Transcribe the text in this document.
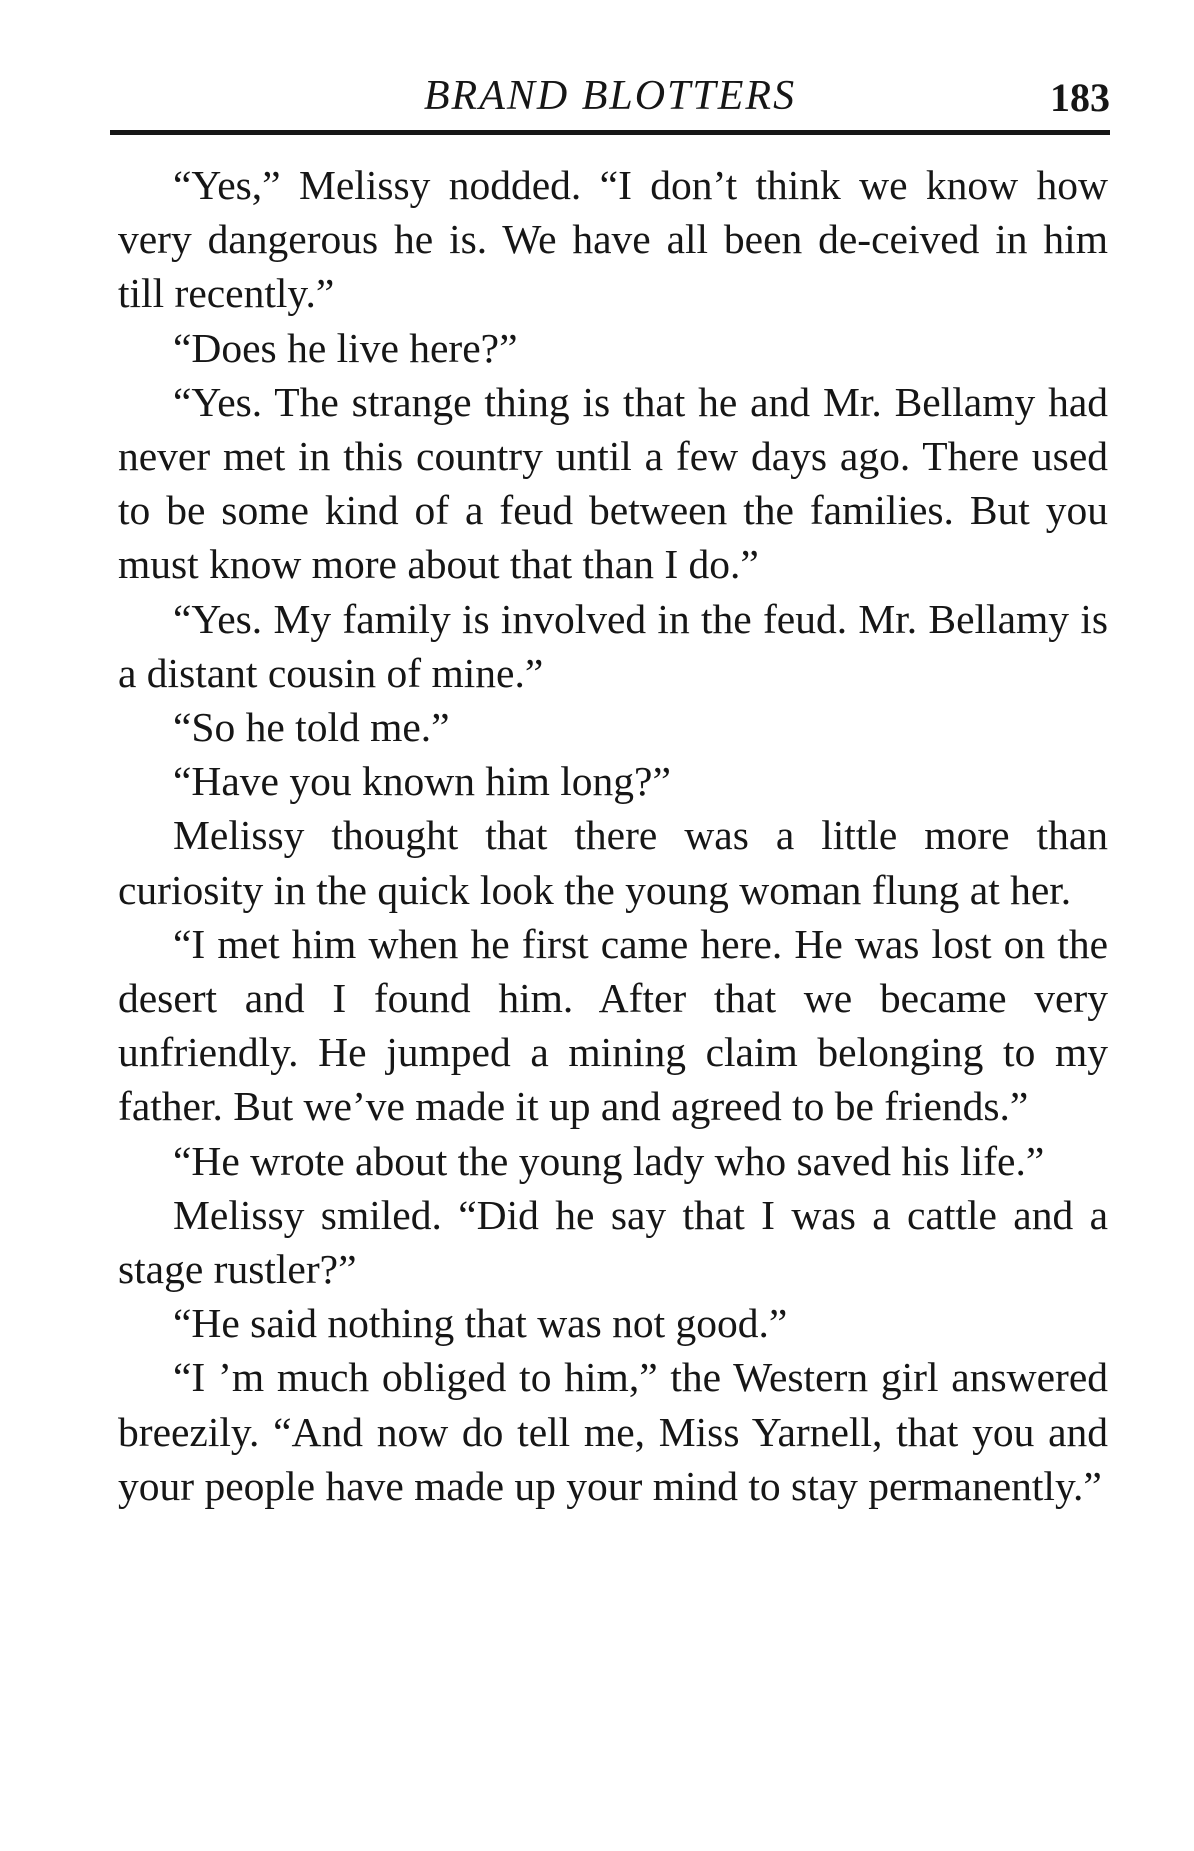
BRAND BLOTTERS	183

“Yes,” Melissy nodded. “I don’t think we know how very dangerous he is. We have all been de-ceived in him till recently.”

“Does he live here?”

“Yes. The strange thing is that he and Mr. Bellamy had never met in this country until a few days ago. There used to be some kind of a feud between the families. But you must know more about that than I do.”

“Yes. My family is involved in the feud. Mr. Bellamy is a distant cousin of mine.”

“So he told me.”

“Have you known him long?”

Melissy thought that there was a little more than curiosity in the quick look the young woman flung at her.

“I met him when he first came here. He was lost on the desert and I found him. After that we became very unfriendly. He jumped a mining claim belonging to my father. But we’ve made it up and agreed to be friends.”

“He wrote about the young lady who saved his life.”

Melissy smiled. “Did he say that I was a cattle and a stage rustler?”

“He said nothing that was not good.”

“I ’m much obliged to him,” the Western girl answered breezily. “And now do tell me, Miss Yarnell, that you and your people have made up your mind to stay permanently.”
